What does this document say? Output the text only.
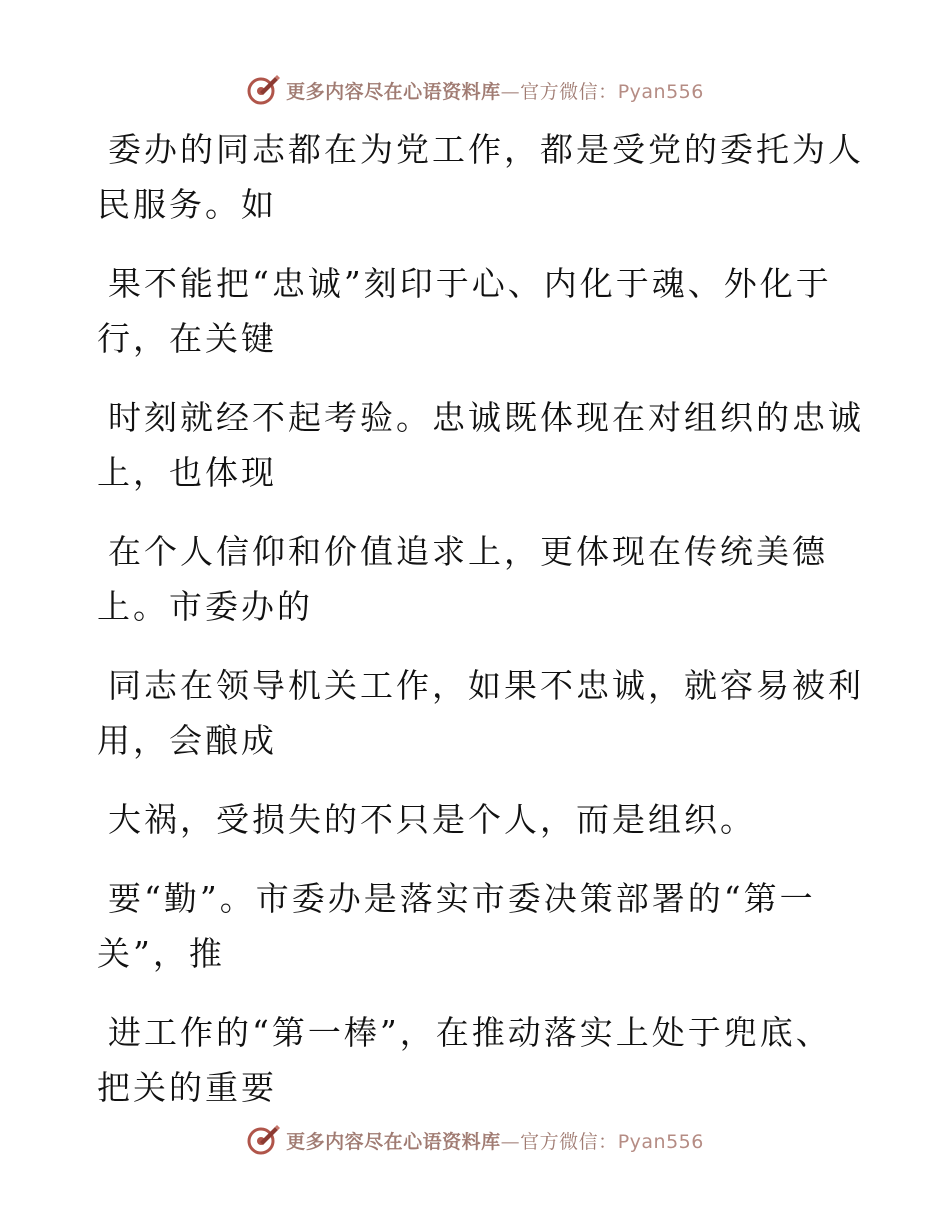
更多内容尽在心语资料库—官方微信：Pyan556

委办的同志都在为党工作，都是受党的委托为人
民服务。如

果不能把“忠诚”刻印于心、内化于魂、外化于
行，在关键

时刻就经不起考验。忠诚既体现在对组织的忠诚
上，也体现

在个人信仰和价值追求上，更体现在传统美德
上。市委办的

同志在领导机关工作，如果不忠诚，就容易被利
用，会酿成

大祸，受损失的不只是个人，而是组织。

要“勤”。市委办是落实市委决策部署的“第一
关”，推

进工作的“第一棒”，在推动落实上处于兜底、
把关的重要

更多内容尽在心语资料库—官方微信：Pyan556
